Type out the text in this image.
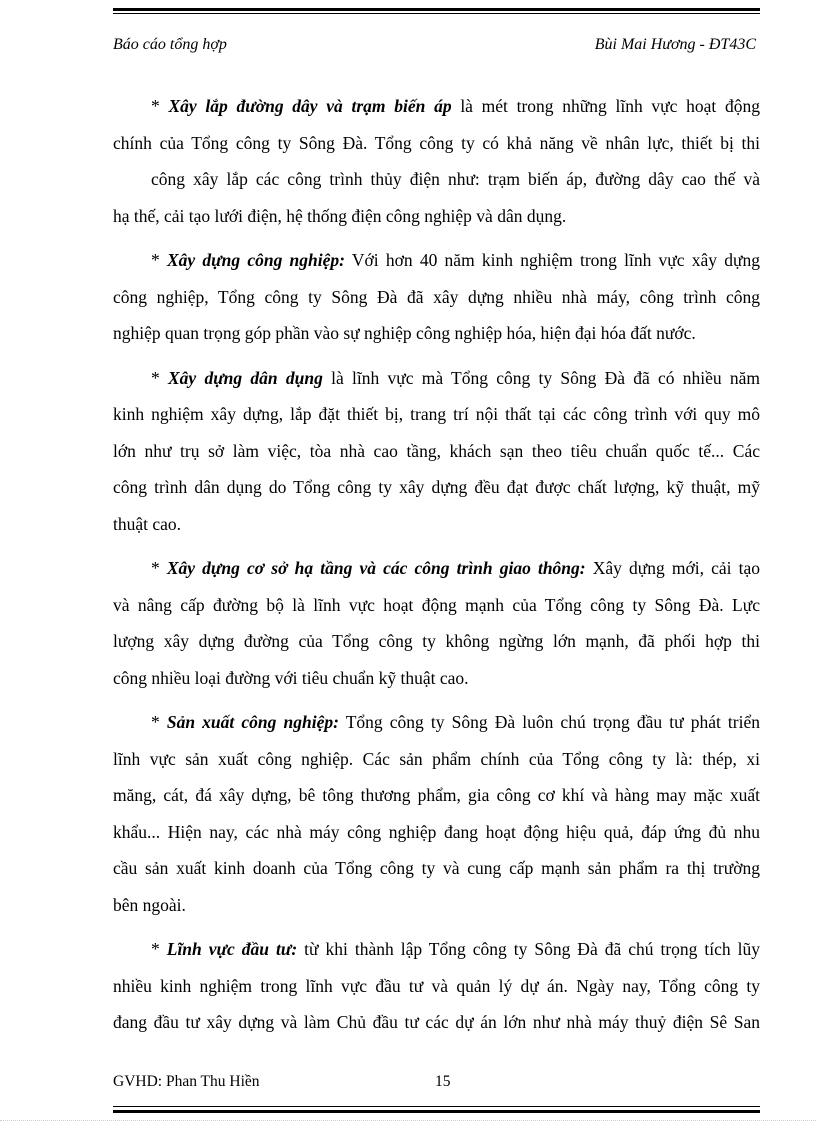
Báo cáo tổng hợp	Bùi Mai Hương - ĐT43C
* Xây lắp đường dây và trạm biến áp là mét trong những lĩnh vực hoạt động
chính của Tổng công ty Sông Đà. Tổng công ty có khả năng về nhân lực, thiết bị thi
công xây lắp các công trình thủy điện như: trạm biến áp, đường dây cao thế và
hạ thế, cải tạo lưới điện, hệ thống điện công nghiệp và dân dụng.
* Xây dựng công nghiệp: Với hơn 40 năm kinh nghiệm trong lĩnh vực xây dựng
công nghiệp, Tổng công ty Sông Đà đã xây dựng nhiều nhà máy, công trình công
nghiệp quan trọng góp phần vào sự nghiệp công nghiệp hóa, hiện đại hóa đất nước.
* Xây dựng dân dụng là lĩnh vực mà Tổng công ty Sông Đà đã có nhiều năm
kinh nghiệm xây dựng, lắp đặt thiết bị, trang trí nội thất tại các công trình với quy mô
lớn như trụ sở làm việc, tòa nhà cao tầng, khách sạn theo tiêu chuẩn quốc tế... Các
công trình dân dụng do Tổng công ty xây dựng đều đạt được chất lượng, kỹ thuật, mỹ
thuật cao.
* Xây dựng cơ sở hạ tầng và các công trình giao thông: Xây dựng mới, cải tạo
và nâng cấp đường bộ là lĩnh vực hoạt động mạnh của Tổng công ty Sông Đà. Lực
lượng xây dựng đường của Tổng công ty không ngừng lớn mạnh, đã phối hợp thi
công nhiều loại đường với tiêu chuẩn kỹ thuật cao.
* Sản xuất công nghiệp: Tổng công ty Sông Đà luôn chú trọng đầu tư phát triển
lĩnh vực sản xuất công nghiệp. Các sản phẩm chính của Tổng công ty là: thép, xi
măng, cát, đá xây dựng, bê tông thương phẩm, gia công cơ khí và hàng may mặc xuất
khẩu... Hiện nay, các nhà máy công nghiệp đang hoạt động hiệu quả, đáp ứng đủ nhu
cầu sản xuất kinh doanh của Tổng công ty và cung cấp mạnh sản phẩm ra thị trường
bên ngoài.
* Lĩnh vực đầu tư: từ khi thành lập Tổng công ty Sông Đà đã chú trọng tích lũy
nhiều kinh nghiệm trong lĩnh vực đầu tư và quản lý dự án. Ngày nay, Tổng công ty
đang đầu tư xây dựng và làm Chủ đầu tư các dự án lớn như nhà máy thuỷ điện Sê San
GVHD: Phan Thu Hiền	15
